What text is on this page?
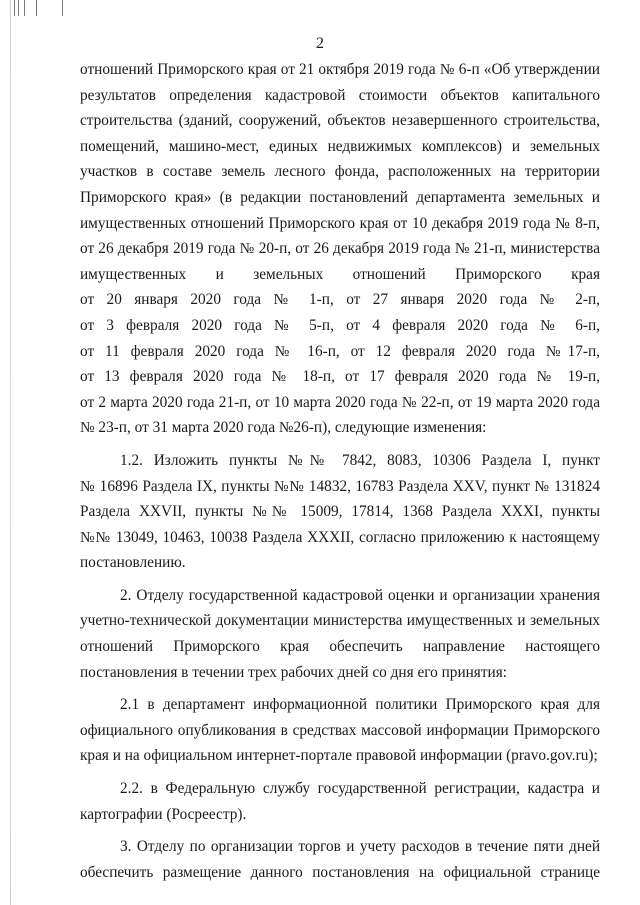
2
отношений Приморского края от 21 октября 2019 года № 6-п «Об утверждении
результатов определения кадастровой стоимости объектов капитального
строительства (зданий, сооружений, объектов незавершенного строительства,
помещений, машино-мест, единых недвижимых комплексов) и земельных
участков в составе земель лесного фонда, расположенных на территории
Приморского края» (в редакции постановлений департамента земельных и
имущественных отношений Приморского края от 10 декабря 2019 года № 8-п,
от 26 декабря 2019 года № 20-п, от 26 декабря 2019 года № 21-п, министерства
имущественных и земельных отношений Приморского края
от 20 января 2020 года № 1-п, от 27 января 2020 года № 2-п,
от 3 февраля 2020 года № 5-п, от 4 февраля 2020 года № 6-п,
от 11 февраля 2020 года № 16-п, от 12 февраля 2020 года №17-п,
от 13 февраля 2020 года № 18-п, от 17 февраля 2020 года № 19-п,
от 2 марта 2020 года 21-п, от 10 марта 2020 года № 22-п, от 19 марта 2020 года
№ 23-п, от 31 марта 2020 года №26-п), следующие изменения:
1.2. Изложить пункты №№ 7842, 8083, 10306 Раздела I, пункт
№ 16896 Раздела IX, пункты №№ 14832, 16783 Раздела XXV, пункт № 131824
Раздела XXVII, пункты №№ 15009, 17814, 1368 Раздела XXXI, пункты
№№ 13049, 10463, 10038 Раздела XXXII, согласно приложению к настоящему
постановлению.
2. Отделу государственной кадастровой оценки и организации хранения
учетно-технической документации министерства имущественных и земельных
отношений Приморского края обеспечить направление настоящего
постановления в течении трех рабочих дней со дня его принятия:
2.1 в департамент информационной политики Приморского края для
официального опубликования в средствах массовой информации Приморского
края и на официальном интернет-портале правовой информации (pravo.gov.ru);
2.2. в Федеральную службу государственной регистрации, кадастра и
картографии (Росреестр).
3. Отделу по организации торгов и учету расходов в течение пяти дней
обеспечить размещение данного постановления на официальной странице
